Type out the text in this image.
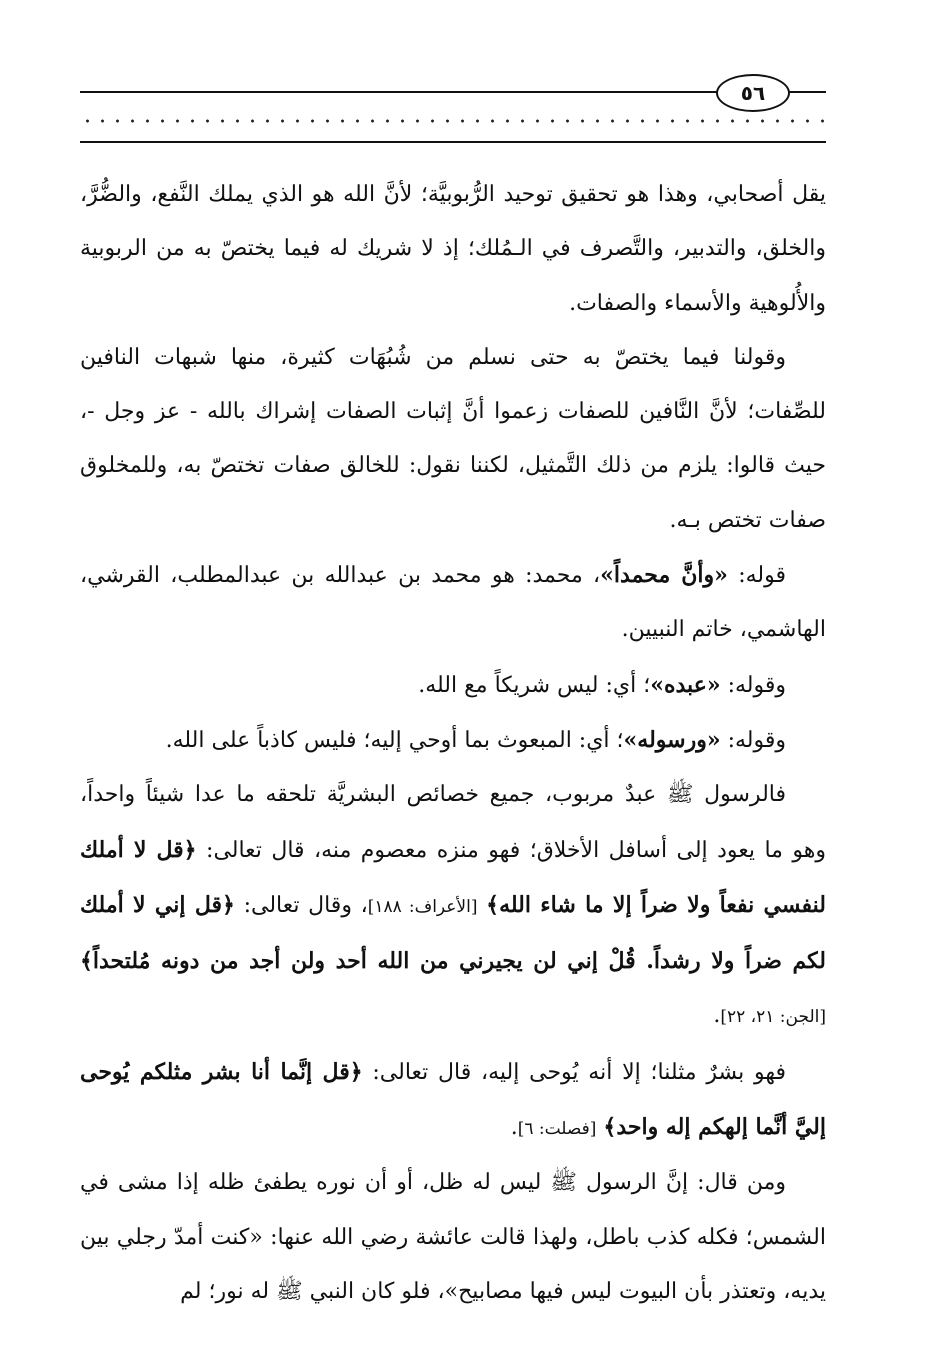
٥٦

يقل أصحابي، وهذا هو تحقيق توحيد الرُّبوبيَّة؛ لأنَّ الله هو الذي يملك النَّفع، والضُّرَّ، والخلق، والتدبير، والتَّصرف في الـمُلك؛ إذ لا شريك له فيما يختصّ به من الربوبية والأُلوهية والأسماء والصفات.

وقولنا فيما يختصّ به حتى نسلم من شُبُهَات كثيرة، منها شبهات النافين للصِّفات؛ لأنَّ النَّافين للصفات زعموا أنَّ إثبات الصفات إشراك بالله - عز وجل -، حيث قالوا: يلزم من ذلك التَّمثيل، لكننا نقول: للخالق صفات تختصّ به، وللمخلوق صفات تختص بـه.

قوله: «وأنَّ محمداً»، محمد: هو محمد بن عبدالله بن عبدالمطلب، القرشي، الهاشمي، خاتم النبيين.

وقوله: «عبده»؛ أي: ليس شريكاً مع الله.

وقوله: «ورسوله»؛ أي: المبعوث بما أوحي إليه؛ فليس كاذباً على الله.

فالرسول ﷺ عبدٌ مربوب، جميع خصائص البشريَّة تلحقه ما عدا شيئاً واحداً، وهو ما يعود إلى أسافل الأخلاق؛ فهو منزه معصوم منه، قال تعالى: ﴿قل لا أملك لنفسي نفعاً ولا ضراً إلا ما شاء الله﴾ [الأعراف: ١٨٨]، وقال تعالى: ﴿قل إني لا أملك لكم ضراً ولا رشداً. قُلْ إني لن يجيرني من الله أحد ولن أجد من دونه مُلتحداً﴾ [الجن: ٢١، ٢٢].

فهو بشرٌ مثلنا؛ إلا أنه يُوحى إليه، قال تعالى: ﴿قل إنَّما أنا بشر مثلكم يُوحى إليَّ أنَّما إلهكم إله واحد﴾ [فصلت: ٦].

ومن قال: إنَّ الرسول ﷺ ليس له ظل، أو أن نوره يطفئ ظله إذا مشى في الشمس؛ فكله كذب باطل، ولهذا قالت عائشة رضي الله عنها: «كنت أمدّ رجلي بين يديه، وتعتذر بأن البيوت ليس فيها مصابيح»، فلو كان النبي ﷺ له نور؛ لم
